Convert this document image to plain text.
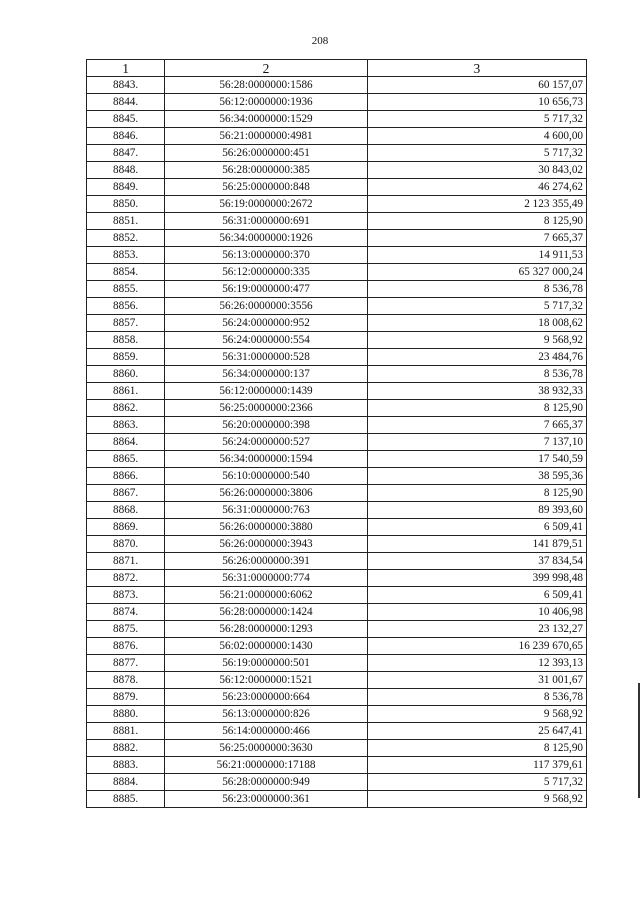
208
1	2	3
8843.	56:28:0000000:1586	60 157,07
8844.	56:12:0000000:1936	10 656,73
8845.	56:34:0000000:1529	5 717,32
8846.	56:21:0000000:4981	4 600,00
8847.	56:26:0000000:451	5 717,32
8848.	56:28:0000000:385	30 843,02
8849.	56:25:0000000:848	46 274,62
8850.	56:19:0000000:2672	2 123 355,49
8851.	56:31:0000000:691	8 125,90
8852.	56:34:0000000:1926	7 665,37
8853.	56:13:0000000:370	14 911,53
8854.	56:12:0000000:335	65 327 000,24
8855.	56:19:0000000:477	8 536,78
8856.	56:26:0000000:3556	5 717,32
8857.	56:24:0000000:952	18 008,62
8858.	56:24:0000000:554	9 568,92
8859.	56:31:0000000:528	23 484,76
8860.	56:34:0000000:137	8 536,78
8861.	56:12:0000000:1439	38 932,33
8862.	56:25:0000000:2366	8 125,90
8863.	56:20:0000000:398	7 665,37
8864.	56:24:0000000:527	7 137,10
8865.	56:34:0000000:1594	17 540,59
8866.	56:10:0000000:540	38 595,36
8867.	56:26:0000000:3806	8 125,90
8868.	56:31:0000000:763	89 393,60
8869.	56:26:0000000:3880	6 509,41
8870.	56:26:0000000:3943	141 879,51
8871.	56:26:0000000:391	37 834,54
8872.	56:31:0000000:774	399 998,48
8873.	56:21:0000000:6062	6 509,41
8874.	56:28:0000000:1424	10 406,98
8875.	56:28:0000000:1293	23 132,27
8876.	56:02:0000000:1430	16 239 670,65
8877.	56:19:0000000:501	12 393,13
8878.	56:12:0000000:1521	31 001,67
8879.	56:23:0000000:664	8 536,78
8880.	56:13:0000000:826	9 568,92
8881.	56:14:0000000:466	25 647,41
8882.	56:25:0000000:3630	8 125,90
8883.	56:21:0000000:17188	117 379,61
8884.	56:28:0000000:949	5 717,32
8885.	56:23:0000000:361	9 568,92
